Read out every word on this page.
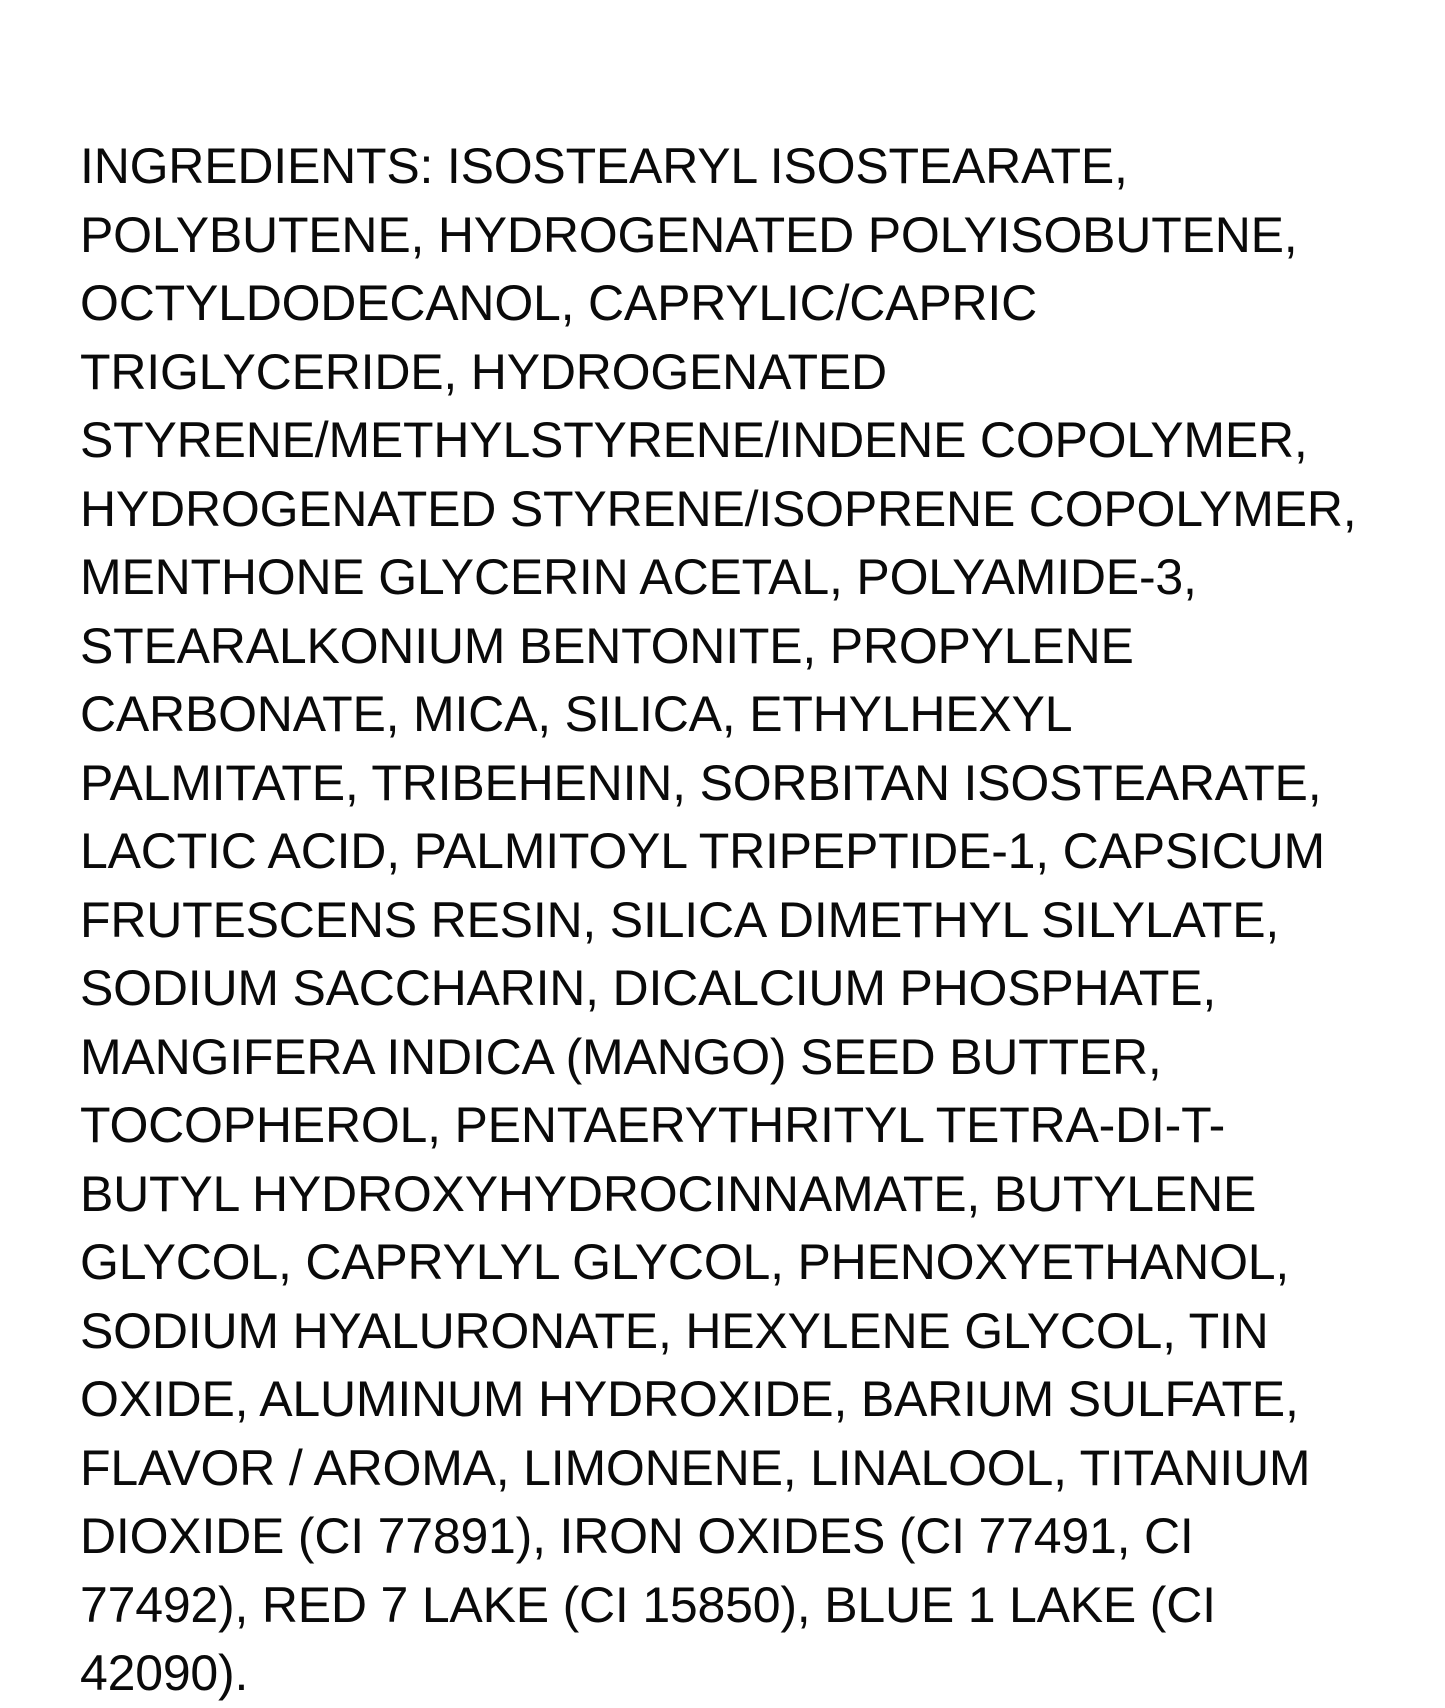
INGREDIENTS: ISOSTEARYL ISOSTEARATE, POLYBUTENE, HYDROGENATED POLYISOBUTENE, OCTYLDODECANOL, CAPRYLIC/CAPRIC TRIGLYCERIDE, HYDROGENATED STYRENE/METHYLSTYRENE/INDENE COPOLYMER, HYDROGENATED STYRENE/ISOPRENE COPOLYMER, MENTHONE GLYCERIN ACETAL, POLYAMIDE-3, STEARALKONIUM BENTONITE, PROPYLENE CARBONATE, MICA, SILICA, ETHYLHEXYL PALMITATE, TRIBEHENIN, SORBITAN ISOSTEARATE, LACTIC ACID, PALMITOYL TRIPEPTIDE-1, CAPSICUM FRUTESCENS RESIN, SILICA DIMETHYL SILYLATE, SODIUM SACCHARIN, DICALCIUM PHOSPHATE, MANGIFERA INDICA (MANGO) SEED BUTTER, TOCOPHEROL, PENTAERYTHRITYL TETRA-DI-T-BUTYL HYDROXYHYDROCINNAMATE, BUTYLENE GLYCOL, CAPRYLYL GLYCOL, PHENOXYETHANOL, SODIUM HYALURONATE, HEXYLENE GLYCOL, TIN OXIDE, ALUMINUM HYDROXIDE, BARIUM SULFATE,  FLAVOR / AROMA, LIMONENE, LINALOOL, TITANIUM DIOXIDE (CI 77891), IRON OXIDES (CI 77491, CI 77492), RED 7 LAKE (CI 15850), BLUE 1 LAKE (CI 42090).
